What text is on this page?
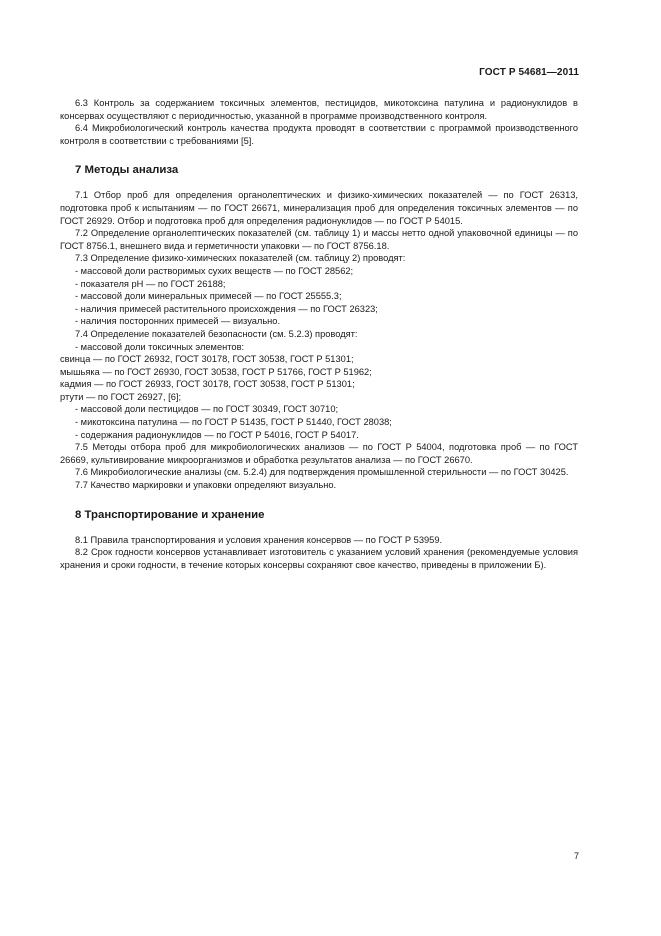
ГОСТ Р 54681—2011

6.3 Контроль за содержанием токсичных элементов, пестицидов, микотоксина патулина и радионуклидов в консервах осуществляют с периодичностью, указанной в программе производственного контроля.

6.4 Микробиологический контроль качества продукта проводят в соответствии с программой производственного контроля в соответствии с требованиями [5].

7 Методы анализа

7.1 Отбор проб для определения органолептических и физико-химических показателей — по ГОСТ 26313, подготовка проб к испытаниям — по ГОСТ 26671, минерализация проб для определения токсичных элементов — по ГОСТ 26929. Отбор и подготовка проб для определения радионуклидов — по ГОСТ Р 54015.

7.2 Определение органолептических показателей (см. таблицу 1) и массы нетто одной упаковочной единицы — по ГОСТ 8756.1, внешнего вида и герметичности упаковки — по ГОСТ 8756.18.

7.3 Определение физико-химических показателей (см. таблицу 2) проводят:

- массовой доли растворимых сухих веществ — по ГОСТ 28562;

- показателя рН — по ГОСТ 26188;

- массовой доли минеральных примесей — по ГОСТ 25555.3;

- наличия примесей растительного происхождения — по ГОСТ 26323;

- наличия посторонних примесей — визуально.

7.4 Определение показателей безопасности (см. 5.2.3) проводят:

- массовой доли токсичных элементов:

свинца — по ГОСТ 26932, ГОСТ 30178, ГОСТ 30538, ГОСТ Р 51301;

мышьяка — по ГОСТ 26930, ГОСТ 30538, ГОСТ Р 51766, ГОСТ Р 51962;

кадмия — по ГОСТ 26933, ГОСТ 30178, ГОСТ 30538, ГОСТ Р 51301;

ртути — по ГОСТ 26927, [6];

- массовой доли пестицидов — по ГОСТ 30349, ГОСТ 30710;

- микотоксина патулина — по ГОСТ Р 51435, ГОСТ Р 51440, ГОСТ 28038;

- содержания радионуклидов — по ГОСТ Р 54016, ГОСТ Р 54017.

7.5 Методы отбора проб для микробиологических анализов — по ГОСТ Р 54004, подготовка проб — по ГОСТ 26669, культивирование микроорганизмов и обработка результатов анализа — по ГОСТ 26670.

7.6 Микробиологические анализы (см. 5.2.4) для подтверждения промышленной стерильности — по ГОСТ 30425.

7.7 Качество маркировки и упаковки определяют визуально.

8 Транспортирование и хранение

8.1 Правила транспортирования и условия хранения консервов — по ГОСТ Р 53959.

8.2 Срок годности консервов устанавливает изготовитель с указанием условий хранения (рекомендуемые условия хранения и сроки годности, в течение которых консервы сохраняют свое качество, приведены в приложении Б).

7
